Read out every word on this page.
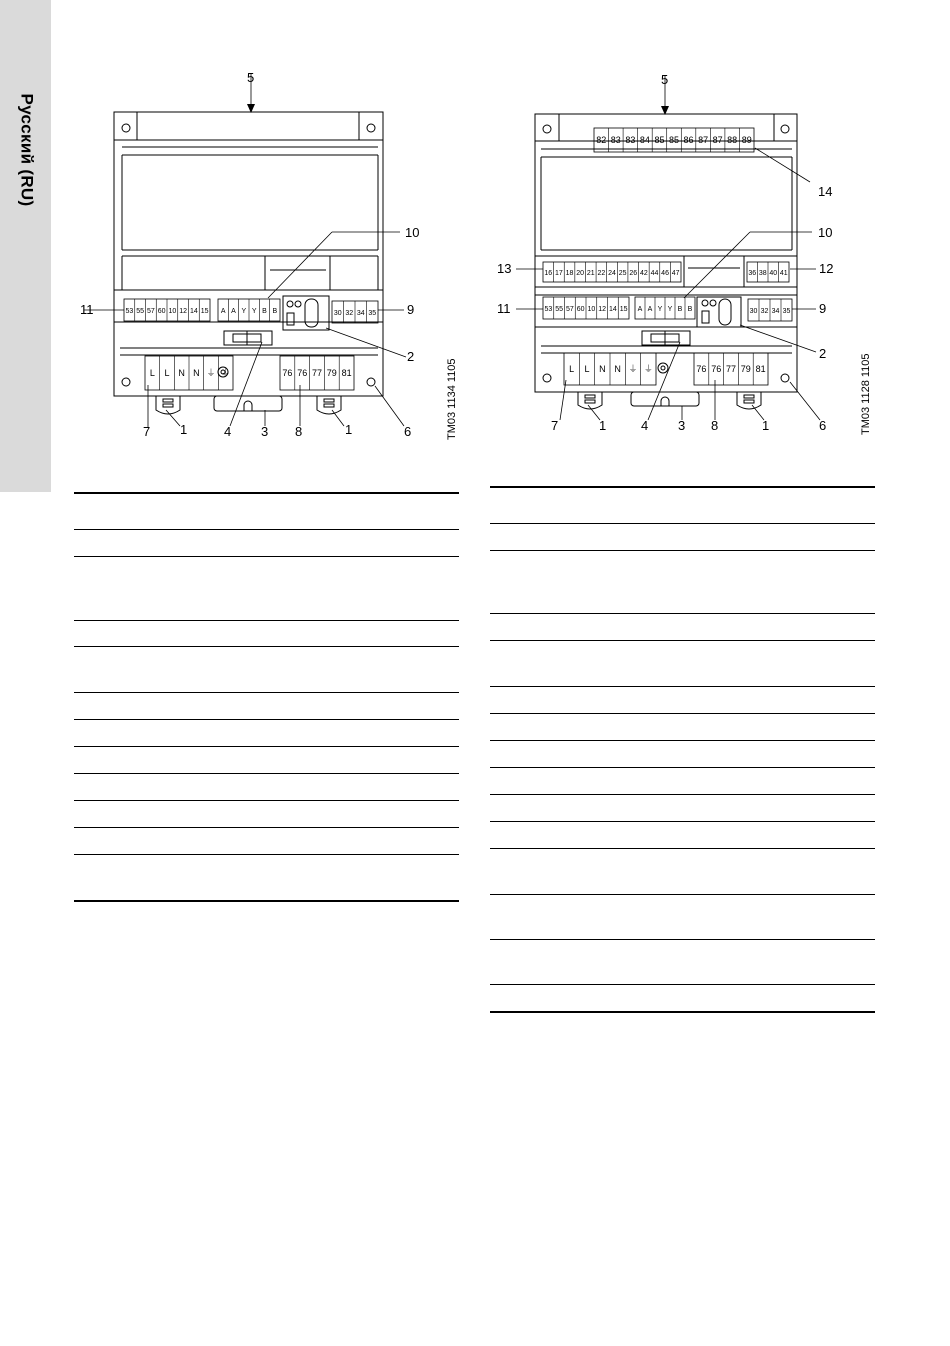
Русский (RU)
53 55 57 60 10 12 14 15 A A Y Y B B	30 32 34 35
L L N N ⏚ ⏚	76 76 77 79 81
5
10
11	9
2
7 1	4 3 8	1	6	TM03 1134 1105
82 83 83 84 85 85 86 87 87 88 89
16 17 18 20 21 22 24 25 26 42 44 46 47	36 38 40 41
53 55 57 60 10 12 14 15 A A Y Y B B	30 32 34 35
L L N N ⏚ ⏚	76 76 77 79 81
5
14
10
13	12
11	9
2
7	1	4 3 8	1	6	TM03 1128 1105
